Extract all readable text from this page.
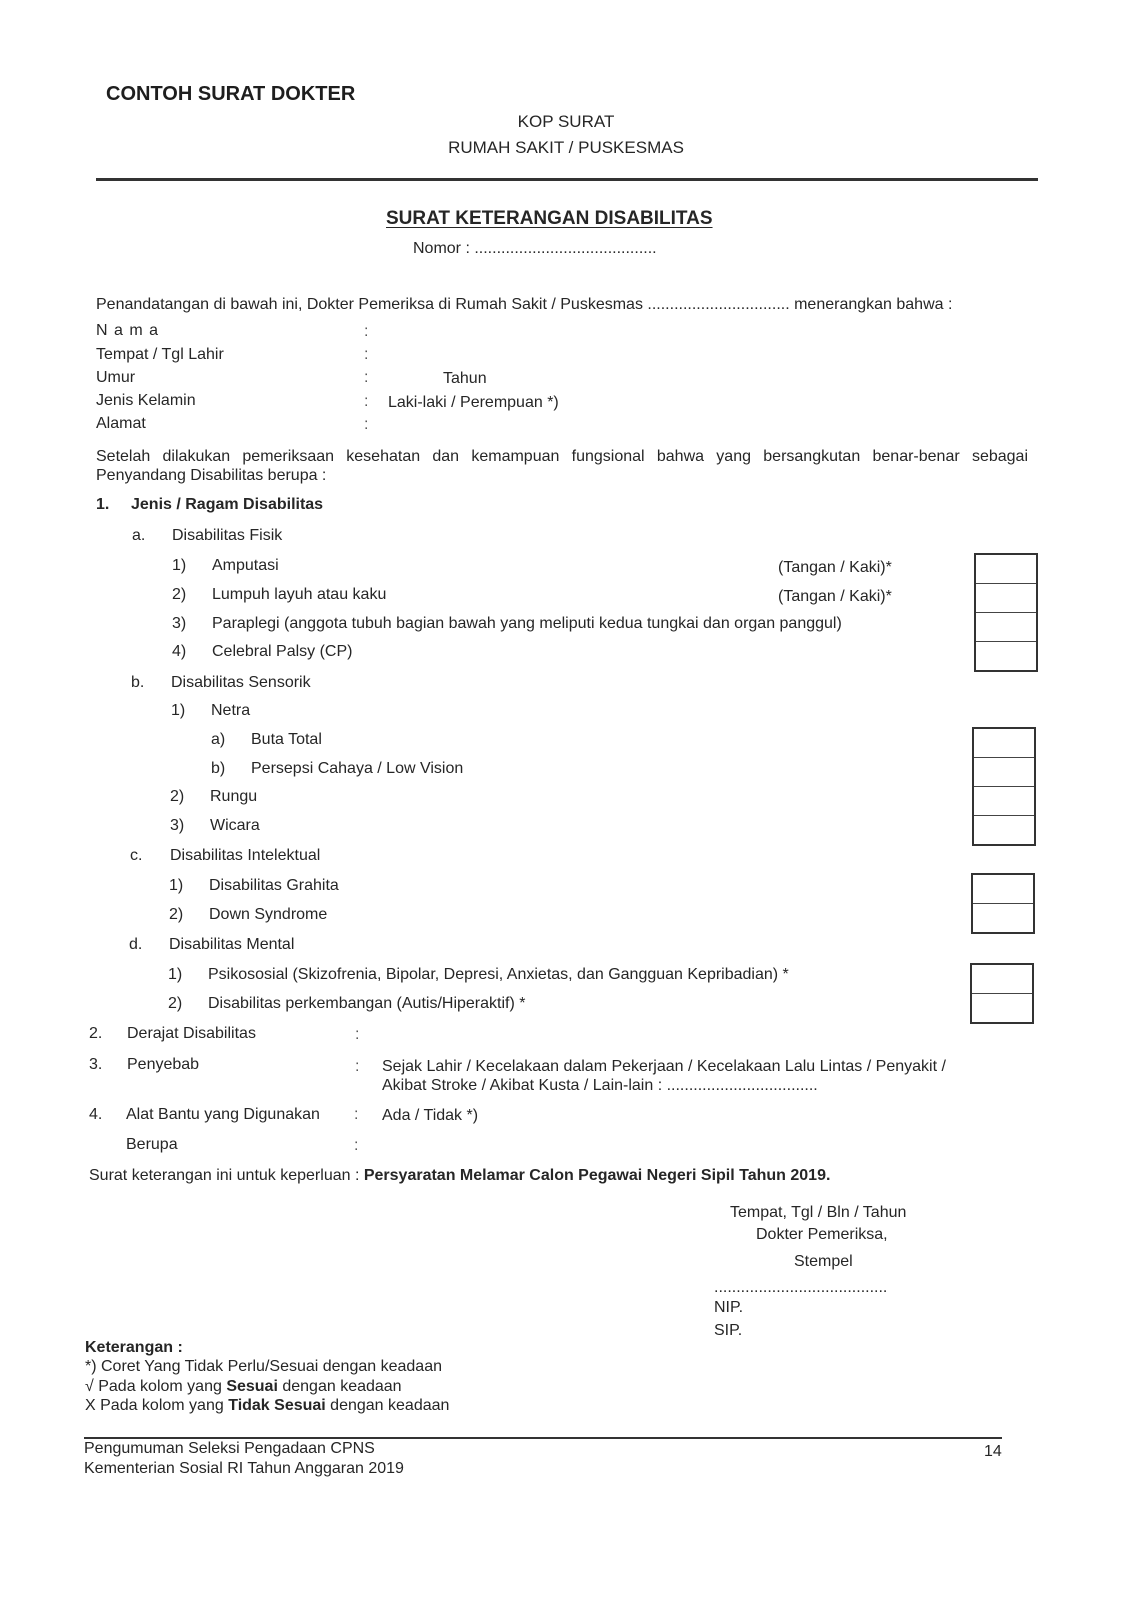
CONTOH SURAT DOKTER
KOP SURAT
RUMAH SAKIT / PUSKESMAS
SURAT KETERANGAN DISABILITAS
Nomor : .........................................
Penandatangan di bawah ini, Dokter Pemeriksa di Rumah Sakit / Puskesmas ................................ menerangkan bahwa :
N a m a	:
Tempat / Tgl Lahir	:
Umur	:	Tahun
Jenis Kelamin	: Laki-laki / Perempuan *)
Alamat	:
Setelah dilakukan pemeriksaan kesehatan dan kemampuan fungsional bahwa yang bersangkutan benar-benar sebagai Penyandang Disabilitas berupa :
1. Jenis / Ragam Disabilitas
a. Disabilitas Fisik
1) Amputasi	(Tangan / Kaki)*
2) Lumpuh layuh atau kaku	(Tangan / Kaki)*
3) Paraplegi (anggota tubuh bagian bawah yang meliputi kedua tungkai dan organ panggul)
4) Celebral Palsy (CP)
b. Disabilitas Sensorik
1) Netra
a) Buta Total
b) Persepsi Cahaya / Low Vision
2) Rungu
3) Wicara
c. Disabilitas Intelektual
1) Disabilitas Grahita
2) Down Syndrome
d. Disabilitas Mental
1) Psikososial (Skizofrenia, Bipolar, Depresi, Anxietas, dan Gangguan Kepribadian) *
2) Disabilitas perkembangan (Autis/Hiperaktif) *
2. Derajat Disabilitas	:
3. Penyebab	: Sejak Lahir / Kecelakaan dalam Pekerjaan / Kecelakaan Lalu Lintas / Penyakit /
Akibat Stroke / Akibat Kusta / Lain-lain : ..................................
4. Alat Bantu yang Digunakan : Ada / Tidak *)
Berupa	:
Surat keterangan ini untuk keperluan : Persyaratan Melamar Calon Pegawai Negeri Sipil Tahun 2019.
Tempat, Tgl / Bln / Tahun
Dokter Pemeriksa,
Stempel
.......................................
NIP.
SIP.
Keterangan :
*) Coret Yang Tidak Perlu/Sesuai dengan keadaan
√ Pada kolom yang Sesuai dengan keadaan
X Pada kolom yang Tidak Sesuai dengan keadaan
Pengumuman Seleksi Pengadaan CPNS
Kementerian Sosial RI Tahun Anggaran 2019
14
